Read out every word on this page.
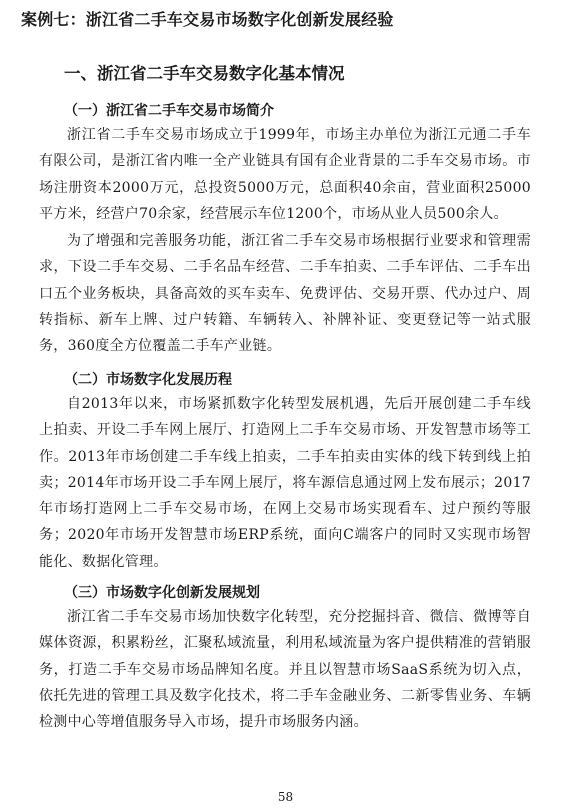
案例七：浙江省二手车交易市场数字化创新发展经验
一、浙江省二手车交易数字化基本情况
（一）浙江省二手车交易市场简介
浙江省二手车交易市场成立于1999年，市场主办单位为浙江元通二手车有限公司，是浙江省内唯一全产业链具有国有企业背景的二手车交易市场。市场注册资本2000万元，总投资5000万元，总面积40余亩，营业面积25000平方米，经营户70余家，经营展示车位1200个，市场从业人员500余人。
为了增强和完善服务功能，浙江省二手车交易市场根据行业要求和管理需求，下设二手车交易、二手名品车经营、二手车拍卖、二手车评估、二手车出口五个业务板块，具备高效的买车卖车、免费评估、交易开票、代办过户、周转指标、新车上牌、过户转籍、车辆转入、补牌补证、变更登记等一站式服务，360度全方位覆盖二手车产业链。
（二）市场数字化发展历程
自2013年以来，市场紧抓数字化转型发展机遇，先后开展创建二手车线上拍卖、开设二手车网上展厅、打造网上二手车交易市场、开发智慧市场等工作。2013年市场创建二手车线上拍卖，二手车拍卖由实体的线下转到线上拍卖；2014年市场开设二手车网上展厅，将车源信息通过网上发布展示；2017年市场打造网上二手车交易市场，在网上交易市场实现看车、过户预约等服务；2020年市场开发智慧市场ERP系统，面向C端客户的同时又实现市场智能化、数据化管理。
（三）市场数字化创新发展规划
浙江省二手车交易市场加快数字化转型，充分挖掘抖音、微信、微博等自媒体资源，积累粉丝，汇聚私域流量，利用私域流量为客户提供精准的营销服务，打造二手车交易市场品牌知名度。并且以智慧市场SaaS系统为切入点，依托先进的管理工具及数字化技术，将二手车金融业务、二新零售业务、车辆检测中心等增值服务导入市场，提升市场服务内涵。
58
